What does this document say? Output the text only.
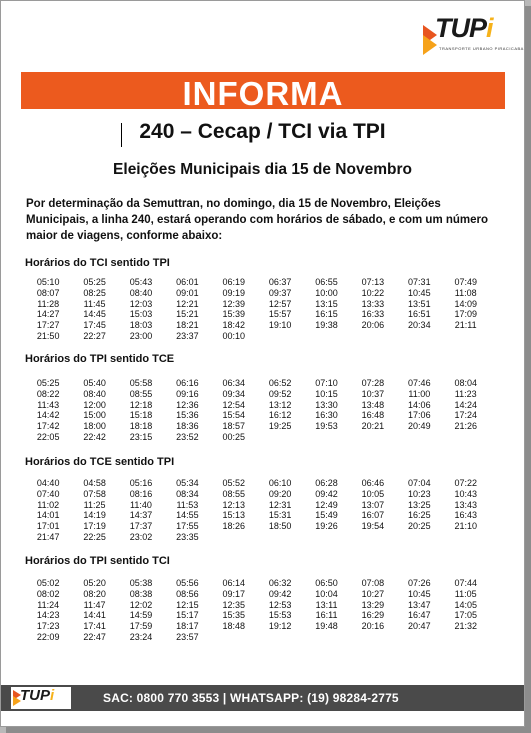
TUPi
TRANSPORTE URBANO PIRACICABA
INFORMA
240 – Cecap / TCI via TPI
Eleições Municipais dia 15 de Novembro
Por determinação da Semuttran, no domingo, dia 15 de Novembro, Eleições Municipais, a linha 240, estará operando com horários de sábado, e com um número maior de viagens, conforme abaixo:
Horários do TCI sentido TPI
05:10	05:25	05:43	06:01	06:19	06:37	06:55	07:13	07:31	07:49
08:07	08:25	08:40	09:01	09:19	09:37	10:00	10:22	10:45	11:08
11:28	11:45	12:03	12:21	12:39	12:57	13:15	13:33	13:51	14:09
14:27	14:45	15:03	15:21	15:39	15:57	16:15	16:33	16:51	17:09
17:27	17:45	18:03	18:21	18:42	19:10	19:38	20:06	20:34	21:11
21:50	22:27	23:00	23:37	00:10
Horários do TPI sentido TCE
05:25	05:40	05:58	06:16	06:34	06:52	07:10	07:28	07:46	08:04
08:22	08:40	08:55	09:16	09:34	09:52	10:15	10:37	11:00	11:23
11:43	12:00	12:18	12:36	12:54	13:12	13:30	13:48	14:06	14:24
14:42	15:00	15:18	15:36	15:54	16:12	16:30	16:48	17:06	17:24
17:42	18:00	18:18	18:36	18:57	19:25	19:53	20:21	20:49	21:26
22:05	22:42	23:15	23:52	00:25
Horários do TCE sentido TPI
04:40	04:58	05:16	05:34	05:52	06:10	06:28	06:46	07:04	07:22
07:40	07:58	08:16	08:34	08:55	09:20	09:42	10:05	10:23	10:43
11:02	11:25	11:40	11:53	12:13	12:31	12:49	13:07	13:25	13:43
14:01	14:19	14:37	14:55	15:13	15:31	15:49	16:07	16:25	16:43
17:01	17:19	17:37	17:55	18:26	18:50	19:26	19:54	20:25	21:10
21:47	22:25	23:02	23:35
Horários do TPI sentido TCI
05:02	05:20	05:38	05:56	06:14	06:32	06:50	07:08	07:26	07:44
08:02	08:20	08:38	08:56	09:17	09:42	10:04	10:27	10:45	11:05
11:24	11:47	12:02	12:15	12:35	12:53	13:11	13:29	13:47	14:05
14:23	14:41	14:59	15:17	15:35	15:53	16:11	16:29	16:47	17:05
17:23	17:41	17:59	18:17	18:48	19:12	19:48	20:16	20:47	21:32
22:09	22:47	23:24	23:57
TUPi	SAC: 0800 770 3553 | WHATSAPP: (19) 98284-2775
